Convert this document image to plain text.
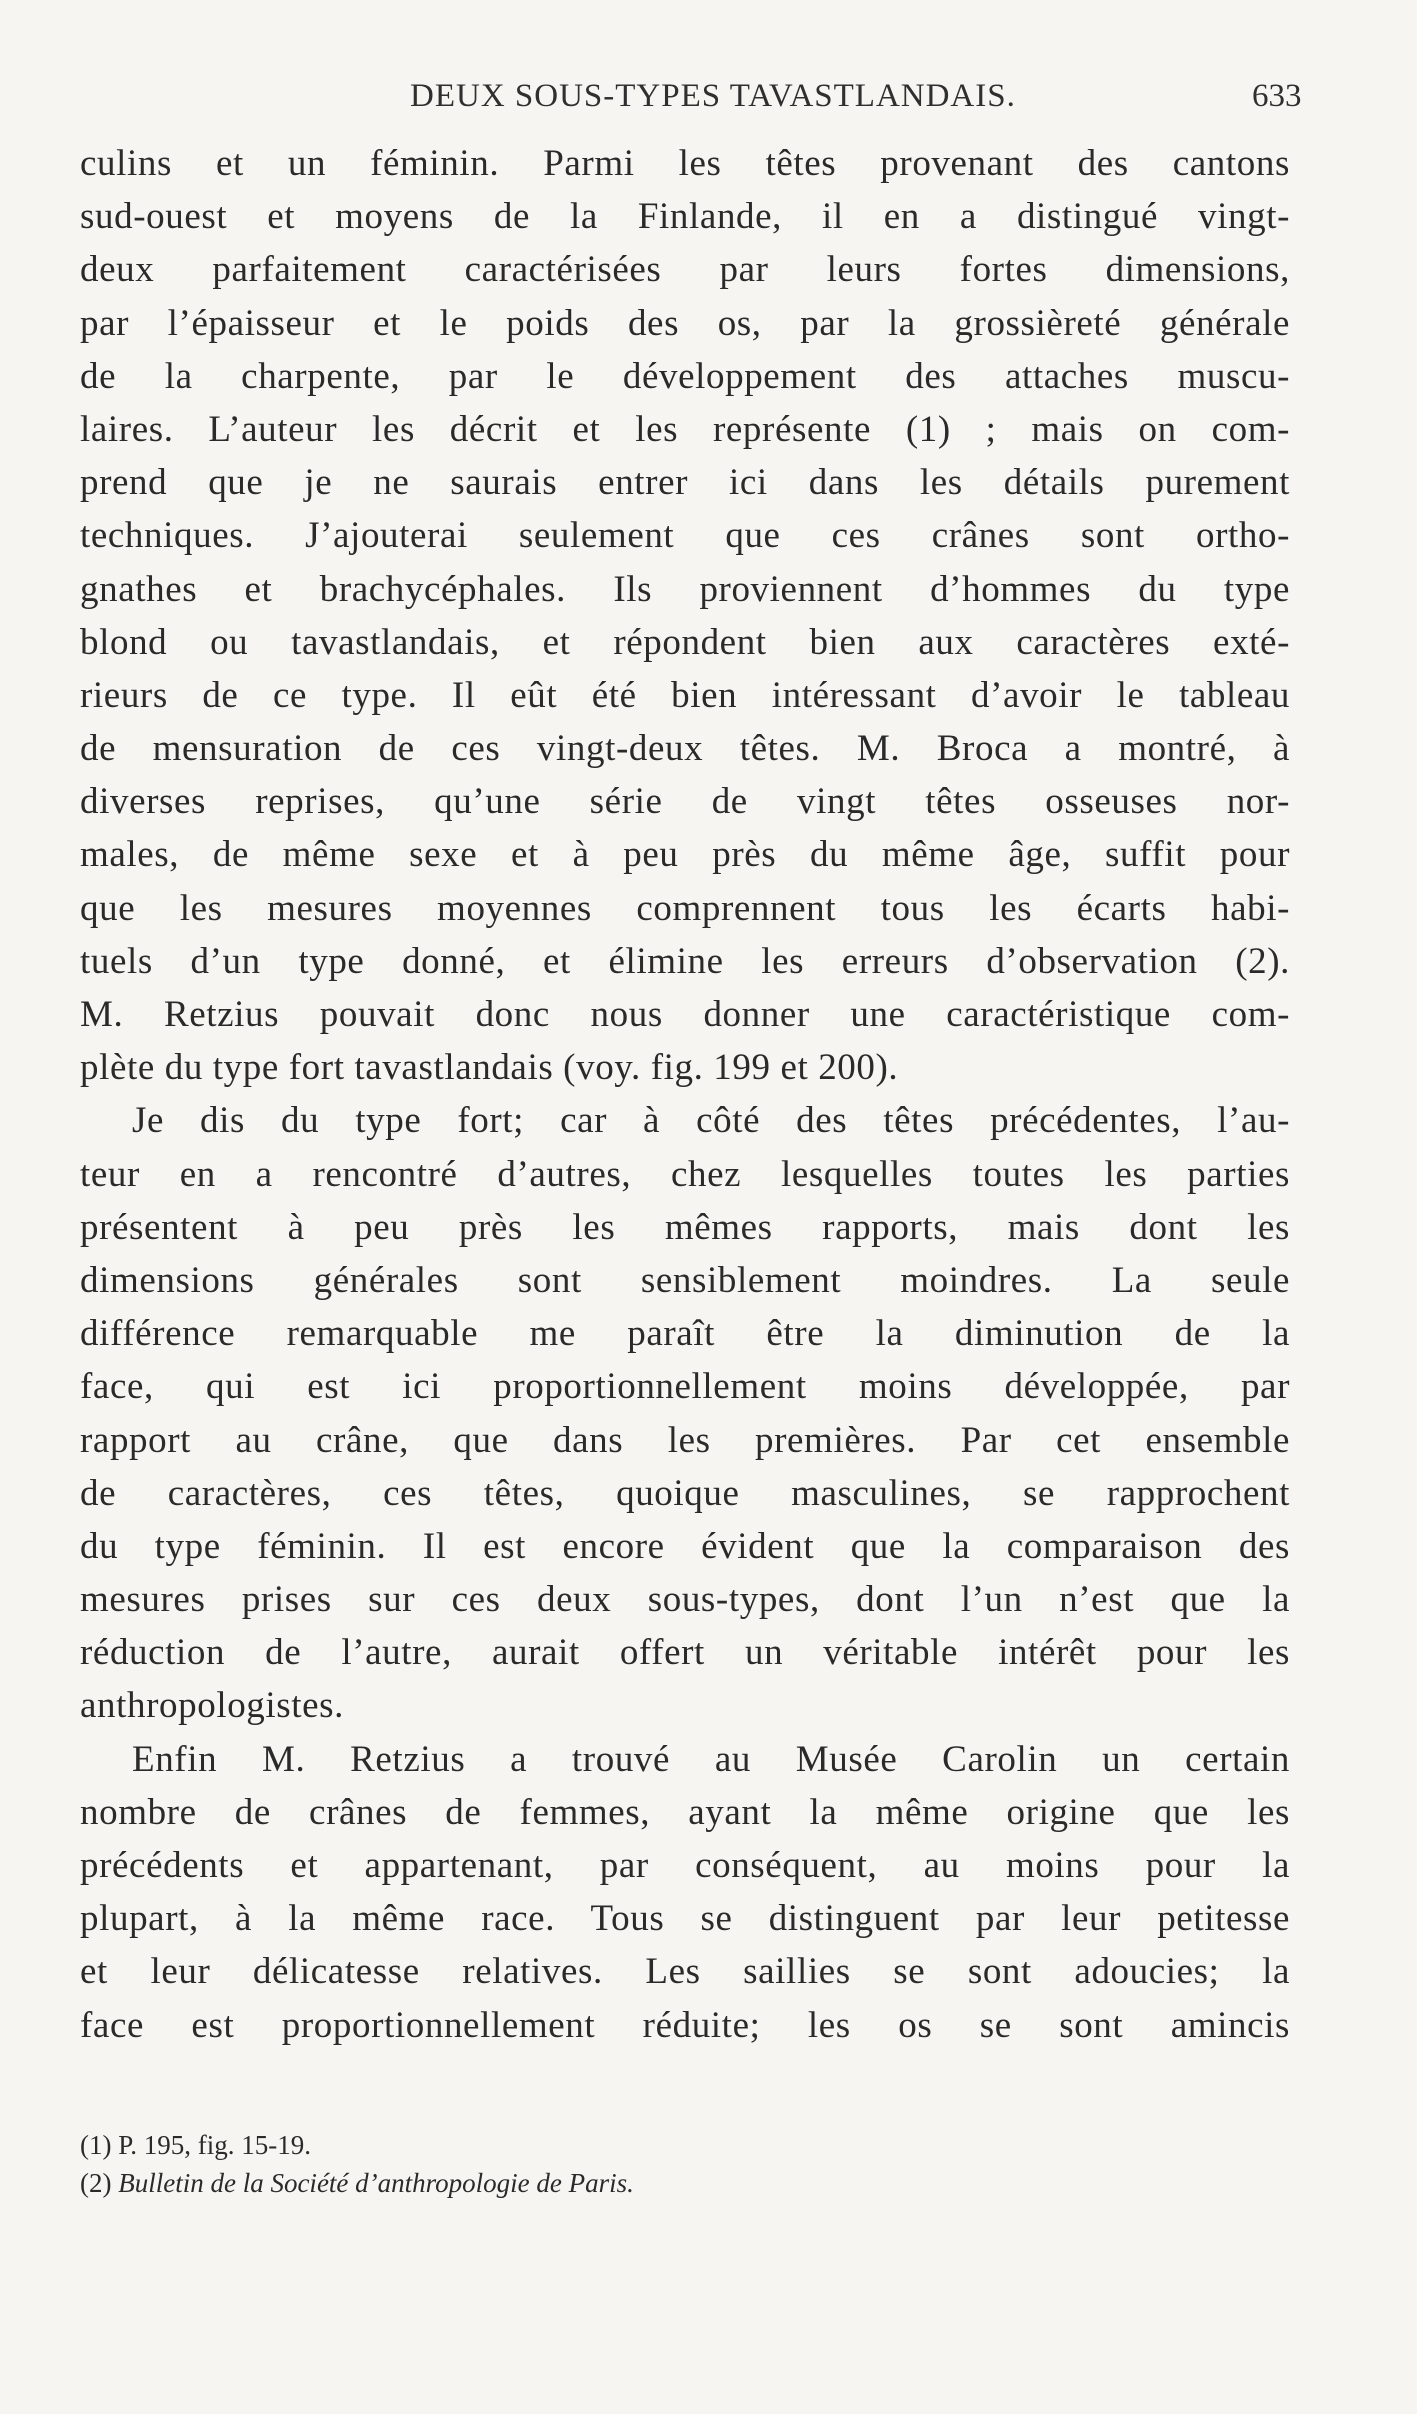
DEUX SOUS-TYPES TAVASTLANDAIS.	633
culins et un féminin. Parmi les têtes provenant des cantons
sud-ouest et moyens de la Finlande, il en a distingué vingt-
deux parfaitement caractérisées par leurs fortes dimensions,
par l’épaisseur et le poids des os, par la grossièreté générale
de la charpente, par le développement des attaches muscu-
laires. L’auteur les décrit et les représente (1) ; mais on com-
prend que je ne saurais entrer ici dans les détails purement
techniques. J’ajouterai seulement que ces crânes sont ortho-
gnathes et brachycéphales. Ils proviennent d’hommes du type
blond ou tavastlandais, et répondent bien aux caractères exté-
rieurs de ce type. Il eût été bien intéressant d’avoir le tableau
de mensuration de ces vingt-deux têtes. M. Broca a montré, à
diverses reprises, qu’une série de vingt têtes osseuses nor-
males, de même sexe et à peu près du même âge, suffit pour
que les mesures moyennes comprennent tous les écarts habi-
tuels d’un type donné, et élimine les erreurs d’observation (2).
M. Retzius pouvait donc nous donner une caractéristique com-
plète du type fort tavastlandais (voy. fig. 199 et 200).
Je dis du type fort; car à côté des têtes précédentes, l’au-
teur en a rencontré d’autres, chez lesquelles toutes les parties
présentent à peu près les mêmes rapports, mais dont les
dimensions générales sont sensiblement moindres. La seule
différence remarquable me paraît être la diminution de la
face, qui est ici proportionnellement moins développée, par
rapport au crâne, que dans les premières. Par cet ensemble
de caractères, ces têtes, quoique masculines, se rapprochent
du type féminin. Il est encore évident que la comparaison des
mesures prises sur ces deux sous-types, dont l’un n’est que la
réduction de l’autre, aurait offert un véritable intérêt pour les
anthropologistes.
Enfin M. Retzius a trouvé au Musée Carolin un certain
nombre de crânes de femmes, ayant la même origine que les
précédents et appartenant, par conséquent, au moins pour la
plupart, à la même race. Tous se distinguent par leur petitesse
et leur délicatesse relatives. Les saillies se sont adoucies; la
face est proportionnellement réduite; les os se sont amincis
(1) P. 195, fig. 15-19.
(2) Bulletin de la Société d’anthropologie de Paris.
